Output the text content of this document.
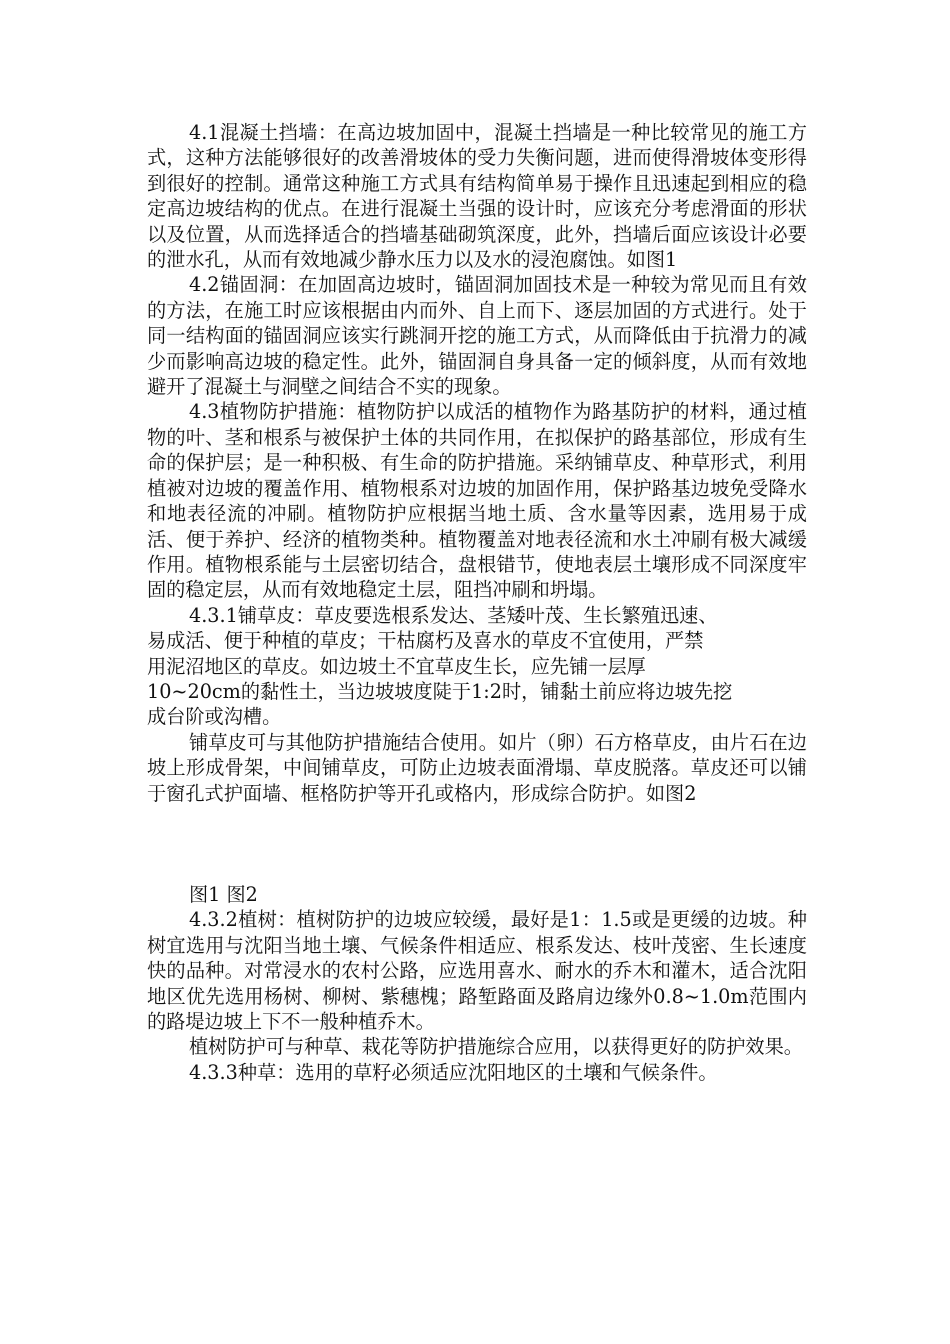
4.1混凝土挡墙：在高边坡加固中，混凝土挡墙是一种比较常见的施工方式，这种方法能够很好的改善滑坡体的受力失衡问题，进而使得滑坡体变形得到很好的控制。通常这种施工方式具有结构简单易于操作且迅速起到相应的稳定高边坡结构的优点。在进行混凝土当强的设计时，应该充分考虑滑面的形状以及位置，从而选择适合的挡墙基础砌筑深度，此外，挡墙后面应该设计必要的泄水孔，从而有效地减少静水压力以及水的浸泡腐蚀。如图1

4.2锚固洞：在加固高边坡时，锚固洞加固技术是一种较为常见而且有效的方法，在施工时应该根据由内而外、自上而下、逐层加固的方式进行。处于同一结构面的锚固洞应该实行跳洞开挖的施工方式，从而降低由于抗滑力的减少而影响高边坡的稳定性。此外，锚固洞自身具备一定的倾斜度，从而有效地避开了混凝土与洞壁之间结合不实的现象。

4.3植物防护措施：植物防护以成活的植物作为路基防护的材料，通过植物的叶、茎和根系与被保护土体的共同作用，在拟保护的路基部位，形成有生命的保护层；是一种积极、有生命的防护措施。采纳铺草皮、种草形式，利用植被对边坡的覆盖作用、植物根系对边坡的加固作用，保护路基边坡免受降水和地表径流的冲刷。植物防护应根据当地土质、含水量等因素，选用易于成活、便于养护、经济的植物类种。植物覆盖对地表径流和水土冲刷有极大减缓作用。植物根系能与土层密切结合，盘根错节，使地表层土壤形成不同深度牢固的稳定层，从而有效地稳定土层，阻挡冲刷和坍塌。

4.3.1铺草皮：草皮要选根系发达、茎矮叶茂、生长繁殖迅速、
易成活、便于种植的草皮；干枯腐朽及喜水的草皮不宜使用，严禁
用泥沼地区的草皮。如边坡土不宜草皮生长，应先铺一层厚
10~20cm的黏性土，当边坡坡度陡于1:2时，铺黏土前应将边坡先挖
成台阶或沟槽。

铺草皮可与其他防护措施结合使用。如片（卵）石方格草皮，由片石在边坡上形成骨架，中间铺草皮，可防止边坡表面滑塌、草皮脱落。草皮还可以铺于窗孔式护面墙、框格防护等开孔或格内，形成综合防护。如图2

图1 图2

4.3.2植树：植树防护的边坡应较缓，最好是1：1.5或是更缓的边坡。种树宜选用与沈阳当地土壤、气候条件相适应、根系发达、枝叶茂密、生长速度快的品种。对常浸水的农村公路，应选用喜水、耐水的乔木和灌木，适合沈阳地区优先选用杨树、柳树、紫穗槐；路堑路面及路肩边缘外0.8~1.0m范围内的路堤边坡上下不一般种植乔木。

植树防护可与种草、栽花等防护措施综合应用，以获得更好的防护效果。

4.3.3种草：选用的草籽必须适应沈阳地区的土壤和气候条件。
